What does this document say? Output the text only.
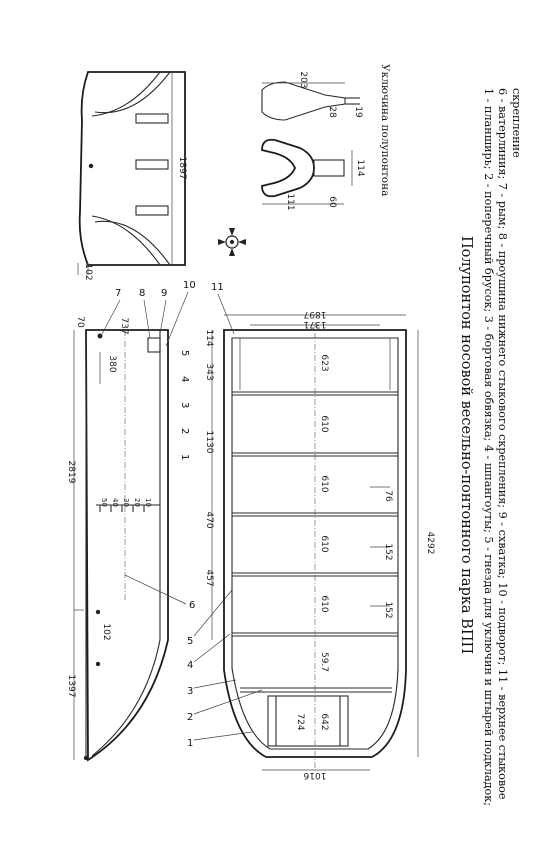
1897
102
203
28 19
114
111	60
Уключина полупонтона
50 40 30 20 10
2819
1397
70	737
380
102
7 8 9
10
6
5
4
3
2
1
1897
1371
1016
4292
623
610
610
610
610
59.7
642
724
114
343
1130
470
457
76
152
152
11
5
4
3
2
1	Полупонтон носовой весельно-понтонного парка ВПП 1 - планширь; 2 - поперечный брусок; 3 - бортовая обвязка; 4 - шпангоуты; 5 - гнезда для уключин и штырей подкладок; 6 - ватерлиния; 7 - рым; 8 - проушина нижнего стыкового скрепления; 9 - схватка; 10 - подворот; 11 - верхнее стыковое скрепление
